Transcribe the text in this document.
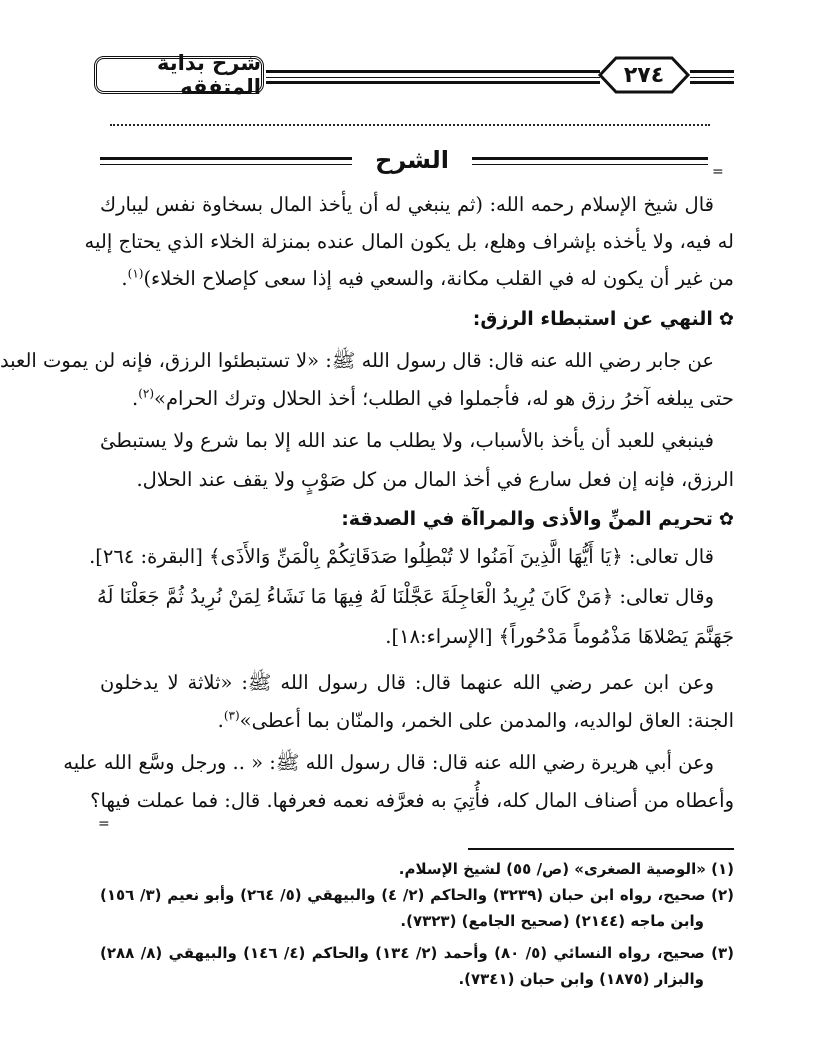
شرح بداية المتفقه	٢٧٤
الشرح	=
قال شيخ الإسلام رحمه الله: (ثم ينبغي له أن يأخذ المال بسخاوة نفس ليبارك
له فيه، ولا يأخذه بإشراف وهلع، بل يكون المال عنده بمنزلة الخلاء الذي يحتاج إليه
من غير أن يكون له في القلب مكانة، والسعي فيه إذا سعى كإصلاح الخلاء)$^{(١)}$.
✿النهي عن استبطاء الرزق:
عن جابر رضي الله عنه قال: قال رسول الله ﷺ: «لا تستبطئوا الرزق، فإنه لن يموت العبد
حتى يبلغه آخرُ رزق هو له، فأجملوا في الطلب؛ أخذ الحلال وترك الحرام»$^{(٢)}$.
فينبغي للعبد أن يأخذ بالأسباب، ولا يطلب ما عند الله إلا بما شرع ولا يستبطئ
الرزق، فإنه إن فعل سارع في أخذ المال من كل صَوْبٍ ولا يقف عند الحلال.
✿تحريم المنِّ والأذى والمراآة في الصدقة:
قال تعالى: ﴿يَا أَيُّهَا الَّذِينَ آمَنُوا لا تُبْطِلُوا صَدَقَاتِكُمْ بِالْمَنِّ وَالأَذَى﴾ [البقرة: ٢٦٤].
وقال تعالى: ﴿مَنْ كَانَ يُرِيدُ الْعَاجِلَةَ عَجَّلْنَا لَهُ فِيهَا مَا نَشَاءُ لِمَنْ نُرِيدُ ثُمَّ جَعَلْنَا لَهُ
جَهَنَّمَ يَصْلاهَا مَذْمُوماً مَدْحُوراً﴾ [الإسراء:١٨].
وعن ابن عمر رضي الله عنهما قال: قال رسول الله ﷺ: «ثلاثة لا يدخلون
الجنة: العاق لوالديه، والمدمن على الخمر، والمنّان بما أعطى»$^{(٣)}$.
وعن أبي هريرة رضي الله عنه قال: قال رسول الله ﷺ: « .. ورجل وسَّع الله عليه
وأعطاه من أصناف المال كله، فأُتِيَ به فعرَّفه نعمه فعرفها. قال: فما عملت فيها؟
=
(١) «الوصية الصغرى» (ص/ ٥٥) لشيخ الإسلام.
(٢) صحيح، رواه ابن حبان (٣٢٣٩) والحاكم (٢/ ٤) والبيهقي (٥/ ٢٦٤) وأبو نعيم (٣/ ١٥٦)
وابن ماجه (٢١٤٤) (صحيح الجامع) (٧٣٢٣).
(٣) صحيح، رواه النسائي (٥/ ٨٠) وأحمد (٢/ ١٣٤) والحاكم (٤/ ١٤٦) والبيهقي (٨/ ٢٨٨)
والبزار (١٨٧٥) وابن حبان (٧٣٤١).
